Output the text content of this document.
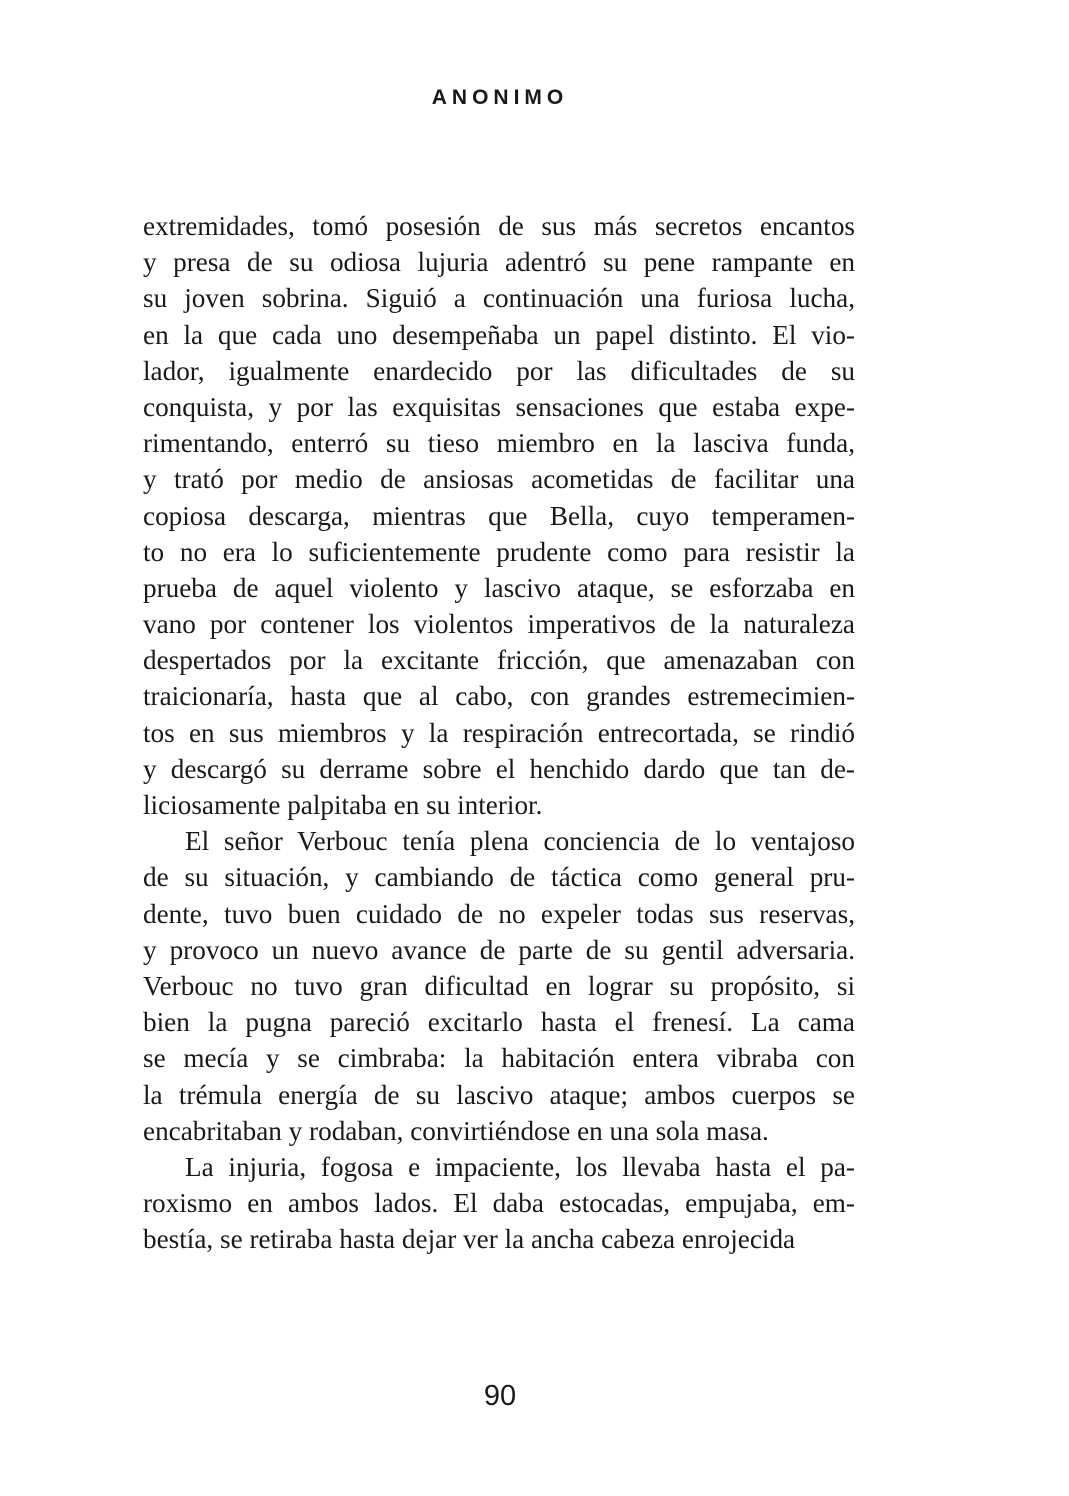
ANONIMO
extremidades, tomó posesión de sus más secretos encantos
y presa de su odiosa lujuria adentró su pene rampante en
su joven sobrina. Siguió a continuación una furiosa lucha,
en la que cada uno desempeñaba un papel distinto. El vio-
lador, igualmente enardecido por las dificultades de su
conquista, y por las exquisitas sensaciones que estaba expe-
rimentando, enterró su tieso miembro en la lasciva funda,
y trató por medio de ansiosas acometidas de facilitar una
copiosa descarga, mientras que Bella, cuyo temperamen-
to no era lo suficientemente prudente como para resistir la
prueba de aquel violento y lascivo ataque, se esforzaba en
vano por contener los violentos imperativos de la naturaleza
despertados por la excitante fricción, que amenazaban con
traicionaría, hasta que al cabo, con grandes estremecimien-
tos en sus miembros y la respiración entrecortada, se rindió
y descargó su derrame sobre el henchido dardo que tan de-
liciosamente palpitaba en su interior.
El señor Verbouc tenía plena conciencia de lo ventajoso
de su situación, y cambiando de táctica como general pru-
dente, tuvo buen cuidado de no expeler todas sus reservas,
y provoco un nuevo avance de parte de su gentil adversaria.
Verbouc no tuvo gran dificultad en lograr su propósito, si
bien la pugna pareció excitarlo hasta el frenesí. La cama
se mecía y se cimbraba: la habitación entera vibraba con
la trémula energía de su lascivo ataque; ambos cuerpos se
encabritaban y rodaban, convirtiéndose en una sola masa.
La injuria, fogosa e impaciente, los llevaba hasta el pa-
roxismo en ambos lados. El daba estocadas, empujaba, em-
bestía, se retiraba hasta dejar ver la ancha cabeza enrojecida
90
